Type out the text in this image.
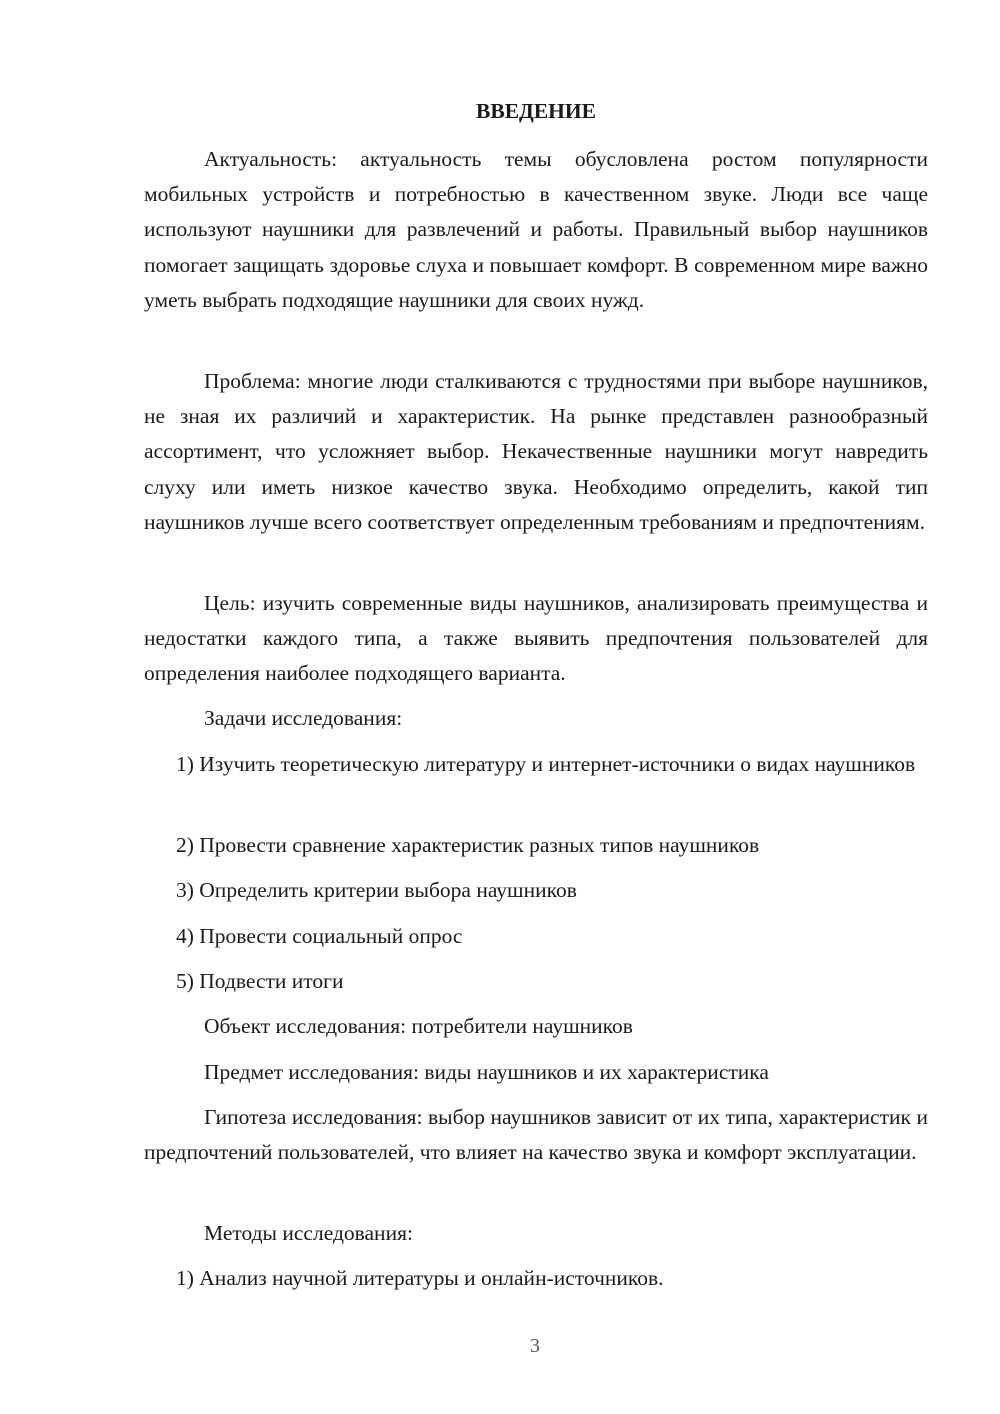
ВВЕДЕНИЕ

Актуальность: актуальность темы обусловлена ростом популярности мобильных устройств и потребностью в качественном звуке. Люди все чаще используют наушники для развлечений и работы. Правильный выбор наушников помогает защищать здоровье слуха и повышает комфорт. В современном мире важно уметь выбрать подходящие наушники для своих нужд.

Проблема: многие люди сталкиваются с трудностями при выборе наушников, не зная их различий и характеристик. На рынке представлен разнообразный ассортимент, что усложняет выбор. Некачественные наушники могут навредить слуху или иметь низкое качество звука. Необходимо определить, какой тип наушников лучше всего соответствует определенным требованиям и предпочтениям.

Цель: изучить современные виды наушников, анализировать преимущества и недостатки каждого типа, а также выявить предпочтения пользователей для определения наиболее подходящего варианта.

Задачи исследования:

1) Изучить теоретическую литературу и интернет-источники о видах наушников

2) Провести сравнение характеристик разных типов наушников

3) Определить критерии выбора наушников

4) Провести социальный опрос

5) Подвести итоги

Объект исследования: потребители наушников

Предмет исследования: виды наушников и их характеристика

Гипотеза исследования: выбор наушников зависит от их типа, характеристик и предпочтений пользователей, что влияет на качество звука и комфорт эксплуатации.

Методы исследования:

1) Анализ научной литературы и онлайн-источников.

3
